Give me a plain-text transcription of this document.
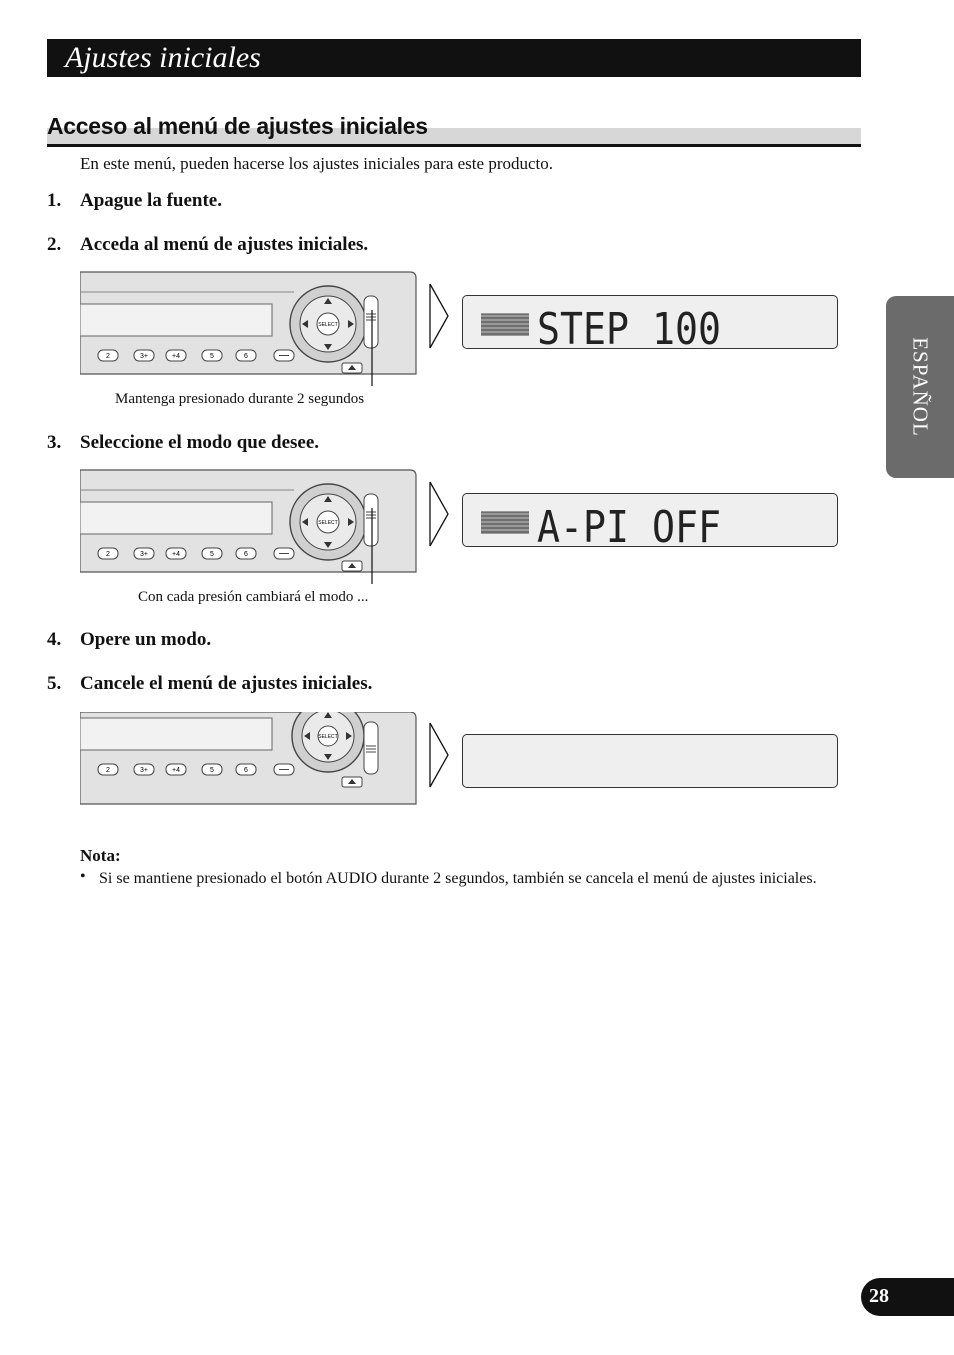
Ajustes iniciales
Acceso al menú de ajustes iniciales
En este menú, pueden hacerse los ajustes iniciales para este producto.
1. Apague la fuente.
2. Acceda al menú de ajustes iniciales.
SELECT
2	3+	+4	5	6
STEP 100
Mantenga presionado durante 2 segundos
3. Seleccione el modo que desee.
SELECT
2	3+	+4	5	6
A-PI OFF
Con cada presión cambiará el modo ...
4. Opere un modo.
5. Cancele el menú de ajustes iniciales.
SELECT
2	3+	+4	5	6
Nota:
• Si se mantiene presionado el botón AUDIO durante 2 segundos, también se cancela el menú de ajustes iniciales.
ESPAÑOL
28
